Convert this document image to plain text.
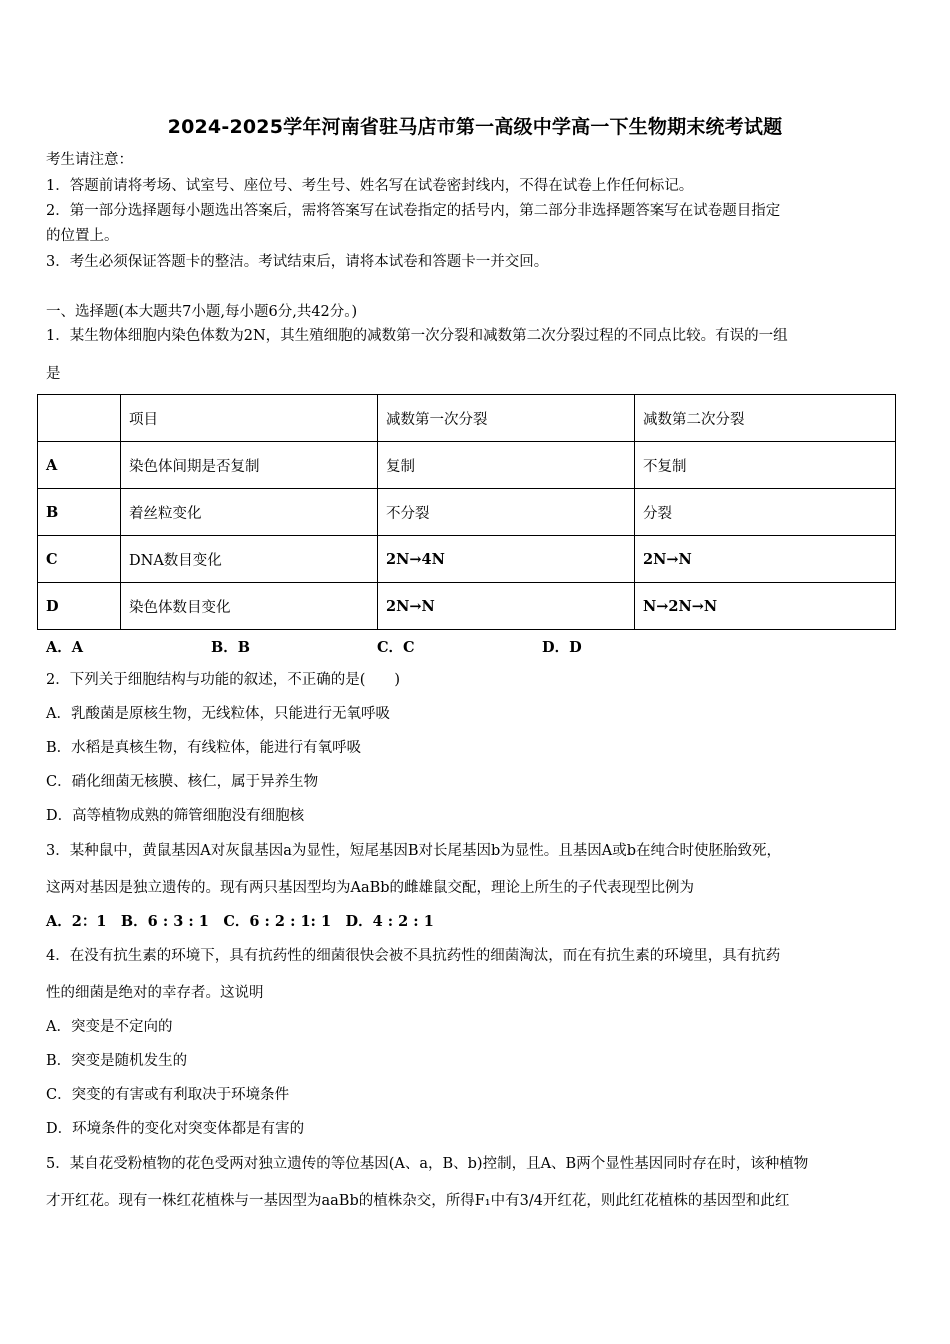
2024-2025学年河南省驻马店市第一高级中学高一下生物期末统考试题
考生请注意：
1．答题前请将考场、试室号、座位号、考生号、姓名写在试卷密封线内，不得在试卷上作任何标记。
2．第一部分选择题每小题选出答案后，需将答案写在试卷指定的括号内，第二部分非选择题答案写在试卷题目指定
的位置上。
3．考生必须保证答题卡的整洁。考试结束后，请将本试卷和答题卡一并交回。
一、选择题(本大题共7小题,每小题6分,共42分。)
1．某生物体细胞内染色体数为2N，其生殖细胞的减数第一次分裂和减数第二次分裂过程的不同点比较。有误的一组
是
	项目	减数第一次分裂	减数第二次分裂
A	染色体间期是否复制	复制	不复制
B	着丝粒变化	不分裂	分裂
C	DNA数目变化	2N→4N	2N→N
D	染色体数目变化	2N→N	N→2N→N
A．A	B．B	C．C	D．D
2．下列关于细胞结构与功能的叙述，不正确的是(　　)
A．乳酸菌是原核生物，无线粒体，只能进行无氧呼吸
B．水稻是真核生物，有线粒体，能进行有氧呼吸
C．硝化细菌无核膜、核仁，属于异养生物
D．高等植物成熟的筛管细胞没有细胞核
3．某种鼠中，黄鼠基因A对灰鼠基因a为显性，短尾基因B对长尾基因b为显性。且基因A或b在纯合时使胚胎致死，
这两对基因是独立遗传的。现有两只基因型均为AaBb的雌雄鼠交配，理论上所生的子代表现型比例为
A．2：1　B．6 : 3 : 1　C．6 : 2 : 1: 1　D．4 : 2 : 1
4．在没有抗生素的环境下，具有抗药性的细菌很快会被不具抗药性的细菌淘汰，而在有抗生素的环境里，具有抗药
性的细菌是绝对的幸存者。这说明
A．突变是不定向的
B．突变是随机发生的
C．突变的有害或有利取决于环境条件
D．环境条件的变化对突变体都是有害的
5．某自花受粉植物的花色受两对独立遗传的等位基因(A、a，B、b)控制，且A、B两个显性基因同时存在时，该种植物
才开红花。现有一株红花植株与一基因型为aaBb的植株杂交，所得F₁中有3/4开红花，则此红花植株的基因型和此红
